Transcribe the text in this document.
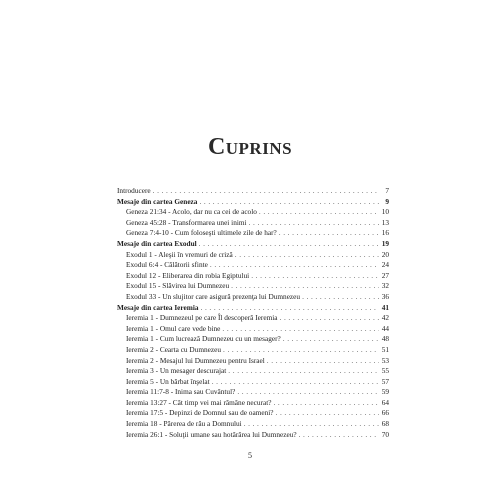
Cuprins
Introducere . . .	7
Mesaje din cartea Geneza . . .	9
Geneza 21:34 - Acolo, dar nu ca cei de acolo . . .	10
Geneza 45:28 - Transformarea unei inimi . . .	13
Geneza 7:4-10 - Cum foloseşti ultimele zile de har? . . .	16
Mesaje din cartea Exodul . . .	19
Exodul 1 - Aleşii în vremuri de criză . . .	20
Exodul 6:4 - Călătorii sfinte . . .	24
Exodul 12 - Eliberarea din robia Egiptului . . .	27
Exodul 15 - Slăvirea lui Dumnezeu . . .	32
Exodul 33 - Un slujitor care asigură prezenţa lui Dumnezeu . . .	36
Mesaje din cartea Ieremia . . .	41
Ieremia 1 - Dumnezeul pe care Îl descoperă Ieremia . . .	42
Ieremia 1 - Omul care vede bine . . .	44
Ieremia 1 - Cum lucrează Dumnezeu cu un mesager? . . .	48
Ieremia 2 - Cearta cu Dumnezeu . . .	51
Ieremia 2 - Mesajul lui Dumnezeu pentru Israel . . .	53
Ieremia 3 - Un mesager descurajat . . .	55
Ieremia 5 - Un bărbat înşelat . . .	57
Ieremia 11:7-8 - Inima sau Cuvântul? . . .	59
Ieremia 13:27 - Cât timp vei mai rămâne necurat? . . .	64
Ieremia 17:5 - Depinzi de Domnul sau de oameni? . . .	66
Ieremia 18 - Părerea de rău a Domnului . . .	68
Ieremia 26:1 - Soluţii umane sau hotărârea lui Dumnezeu? . . .	70
5
